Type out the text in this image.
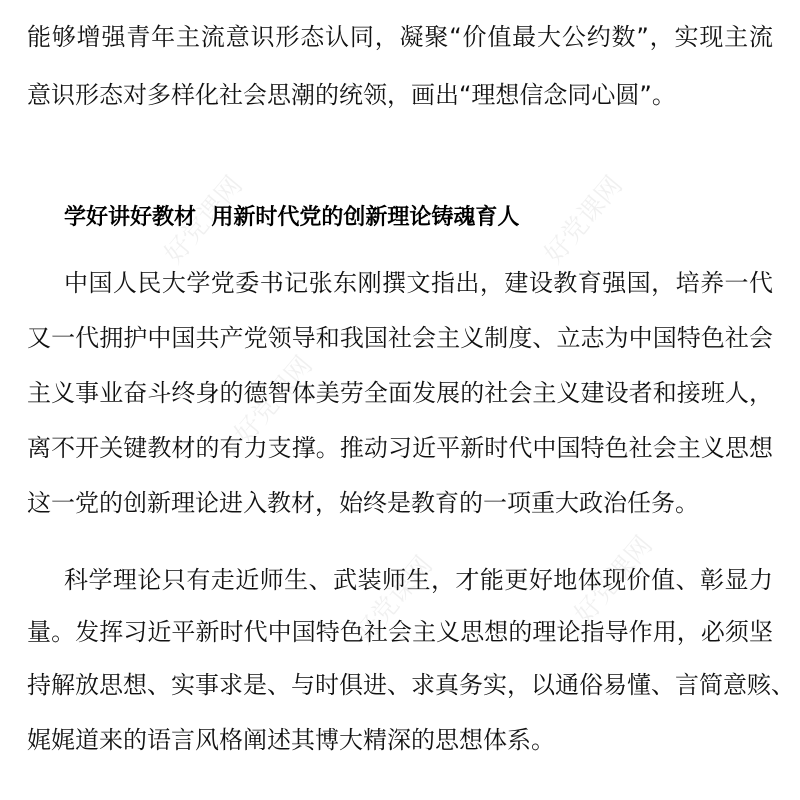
好党课网	好党课网
好党课网
好党课网	好党课网
能够增强青年主流意识形态认同，凝聚“价值最大公约数”，实现主流
意识形态对多样化社会思潮的统领，画出“理想信念同心圆”。
学好讲好教材  用新时代党的创新理论铸魂育人
中国人民大学党委书记张东刚撰文指出，建设教育强国，培养一代
又一代拥护中国共产党领导和我国社会主义制度、立志为中国特色社会
主义事业奋斗终身的德智体美劳全面发展的社会主义建设者和接班人，
离不开关键教材的有力支撑。推动习近平新时代中国特色社会主义思想
这一党的创新理论进入教材，始终是教育的一项重大政治任务。
科学理论只有走近师生、武装师生，才能更好地体现价值、彰显力
量。发挥习近平新时代中国特色社会主义思想的理论指导作用，必须坚
持解放思想、实事求是、与时俱进、求真务实，以通俗易懂、言简意赅、
娓娓道来的语言风格阐述其博大精深的思想体系。
